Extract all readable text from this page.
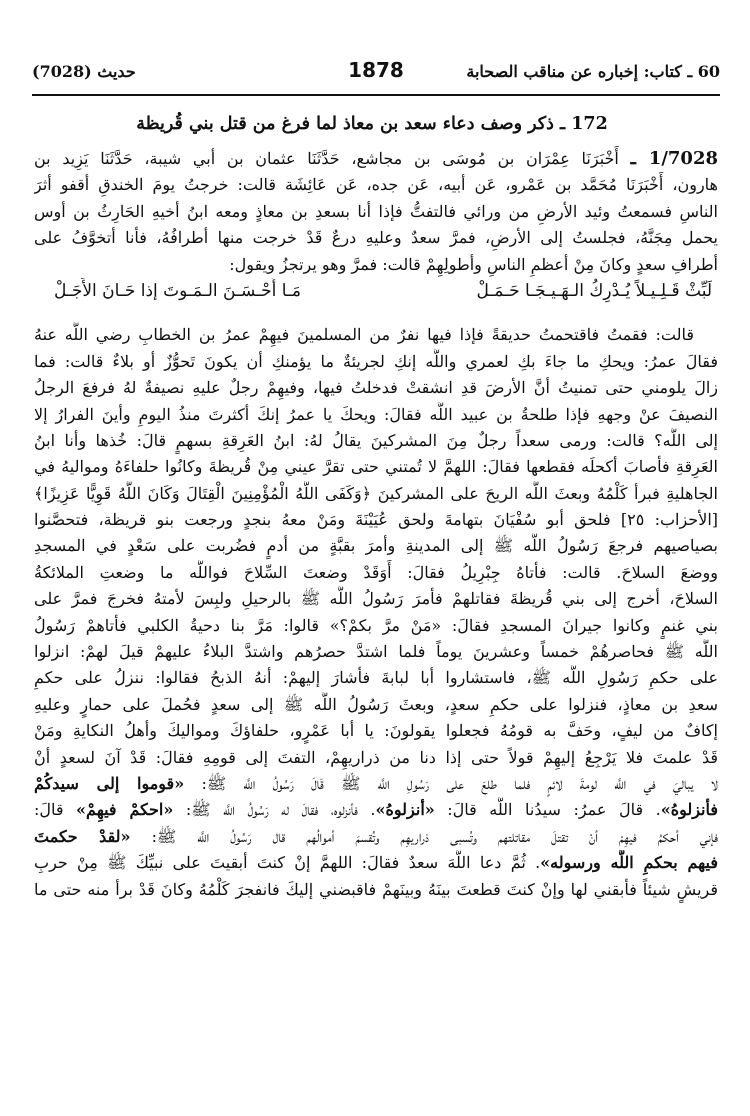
حديث (7028)	1878	60 ـ كتاب: إخباره عن مناقب الصحابة
172 ـ ذكر وصف دعاء سعد بن معاذ لما فرغ من قتل بني قُريظة
1/7028 ـ أَخْبَرَنَا عِمْرَان بن مُوسَى بن مجاشع، حَدَّثَنَا عثمان بن أبي شيبة، حَدَّثَنَا يَزِيد بن
هارون، أَخْبَرَنَا مُحَمَّد بن عَمْرو، عَن أبيه، عَن جده، عَن عَائِشَة قالت: خرجتُ يومَ الخندقِ أقفو أثرَ
الناسِ فسمعتُ وئيد الأرضِ من ورائي فالتفتُّ فإذا أنا بسعدِ بن معاذٍ ومعه ابنُ أخيهِ الحَارِثُ بن أوس
يحمل مِجَنَّهُ، فجلستُ إلى الأرضِ، فمرَّ سعدٌ وعليهِ درعٌ قَدْ خرجت منها أطرافُهُ، فأنا أتخوَّفُ على
أطرافِ سعدٍ وكانَ مِنْ أعظمِ الناسِ وأطولِهِمْ قالت: فمرَّ وهو يرتجزُ ويقول:
لَبِّثْ قَـلِـيـلاً يُـدْرِكُ الـهَـيـجَـا حَـمَـلْ
مَـا أَحْـسَـنَ الـمَـوتَ إذا حَـانَ الأَجَـلْ
قالت: فقمتُ فاقتحمتُ حديقةً فإذا فيها نفرٌ من المسلمينَ فيهِمْ عمرُ بن الخطابِ رضي اللَّه عنهُ
فقالَ عمرُ: ويحكِ ما جاءَ بكِ لعمري واللَّه إنكِ لجريئةٌ ما يؤمنكِ أن يكونَ تَحوُّزٌ أو بلاءٌ قالت: فما
زالَ يلومني حتى تمنيتُ أنَّ الأرضَ قدِ انشقتْ فدخلتُ فيها، وفيهِمْ رجلٌ عليهِ نصيفةٌ لهُ فرفعَ الرجلُ
النصيفَ عنْ وجههِ فإذا طلحةُ بن عبيد اللَّه فقالَ: ويحكَ يا عمرُ إنكَ أكثرتَ منذُ اليومِ وأينَ الفرارُ إلا
إلى اللَّه؟ قالت: ورمى سعداً رجلٌ مِنَ المشركينَ يقالُ لهُ: ابنُ العَرِقةِ بسهمٍ قالَ: خُذها وأنا ابنُ
العَرِقةِ فأصابَ أكحلَه فقطعها فقالَ: اللهمَّ لا تُمتني حتى تقرَّ عيني مِنْ قُريظةَ وكانُوا حلفاءَهُ ومواليهُ في
الجاهليةِ فبرأ كَلْمُهُ وبعثَ اللَّه الريحَ على المشركينَ ﴿وَكَفَى اللَّهُ الْمُؤْمِنِينَ الْقِتَالَ وَكَانَ اللَّهُ قَوِيًّا عَزِيزًا﴾
[الأحزاب: ٢٥] فلحق أبو سُفْيَانَ بتهامةَ ولحق عُيَيْنَةَ ومَنْ معهُ بنجدٍ ورجعت بنو قريظة، فتحصَّنوا
بصياصيهم فرجعَ رَسُولُ اللَّه ﷺ إلى المدينةِ وأمرَ بقبَّةٍ من أدمٍ فضُربت على سَعْدٍ في المسجدِ
ووضعَ السلاحَ. قالت: فأتاهُ جِبْرِيلُ فقالَ: أَوَقَدْ وضعتَ السِّلاحَ فواللَّه ما وضعتِ الملائكةُ
السلاحَ، أخرج إلى بني قُريظةَ فقاتلهمْ فأمرَ رَسُولُ اللَّه ﷺ بالرحيلِ ولبِسَ لأمتهُ فخرجَ فمرَّ على
بني غنمٍ وكانوا جيرانَ المسجدِ فقالَ: «مَنْ مرَّ بكمْ؟» قالوا: مَرَّ بنا دحيةُ الكلبي فأتاهمْ رَسُولُ
اللَّه ﷺ فحاصرهُمْ خمساً وعشرينَ يوماً فلما اشتدَّ حصرُهم واشتدَّ البلاءُ عليهمْ قيلَ لهمْ: انزلوا
على حكمِ رَسُولِ اللَّه ﷺ، فاستشاروا أبا لبابةَ فأشارَ إليهمْ: أنهُ الذبحُ فقالوا: ننزلُ على حكمِ
سعدِ بن معاذٍ، فنزلوا على حكمِ سعدٍ، وبعثَ رَسُولُ اللَّه ﷺ إلى سعدٍ فحُملَ على حمارٍ وعليهِ
إكافٌ من ليفٍ، وحَفَّ به قومُهُ فجعلوا يقولونَ: يا أبا عَمْرٍو، حلفاؤكَ ومواليكَ وأهلُ النكايةِ ومَنْ
قَدْ علمتَ فلا يَرْجِعُ إليهِمْ قولاً حتى إذا دنا من ذراريهِمْ، التفتَ إلى قومِهِ فقالَ: قَدْ آنَ لسعدٍ أنْ
لا يباليَ في اللَّه لومةَ لائمٍ فلما طلعَ على رَسُولِ اللَّه ﷺ قَالَ رَسُولُ اللَّه ﷺ: «قوموا إلى سيدكُمْ
فأنزلوهُ». قالَ عمرُ: سيدُنا اللَّه قالَ: «أنزلوهُ». فأنزلوه، فقالَ له رَسُولُ اللَّه ﷺ: «احكمْ فيهِمْ» قالَ:
فإني أحكمُ فيهِمْ أنْ تقتلَ مقاتلتهم وتُسبى ذراريهِم وتُقسمَ أموالُهم قال رَسُولُ اللَّه ﷺ: «لقدْ حكمتَ
فيهم بحكمِ اللَّه ورسوله». ثُمَّ دعا اللَّهَ سعدٌ فقالَ: اللهمَّ إنْ كنتَ أبقيتَ على نبيِّكَ ﷺ مِنْ حربِ
قريشٍ شيئاً فأبقني لها وإنْ كنتَ قطعتَ بينَهُ وبينَهمْ فاقبضني إليكَ فانفجرَ كَلْمُهُ وكانَ قَدْ برأ منه حتى ما
